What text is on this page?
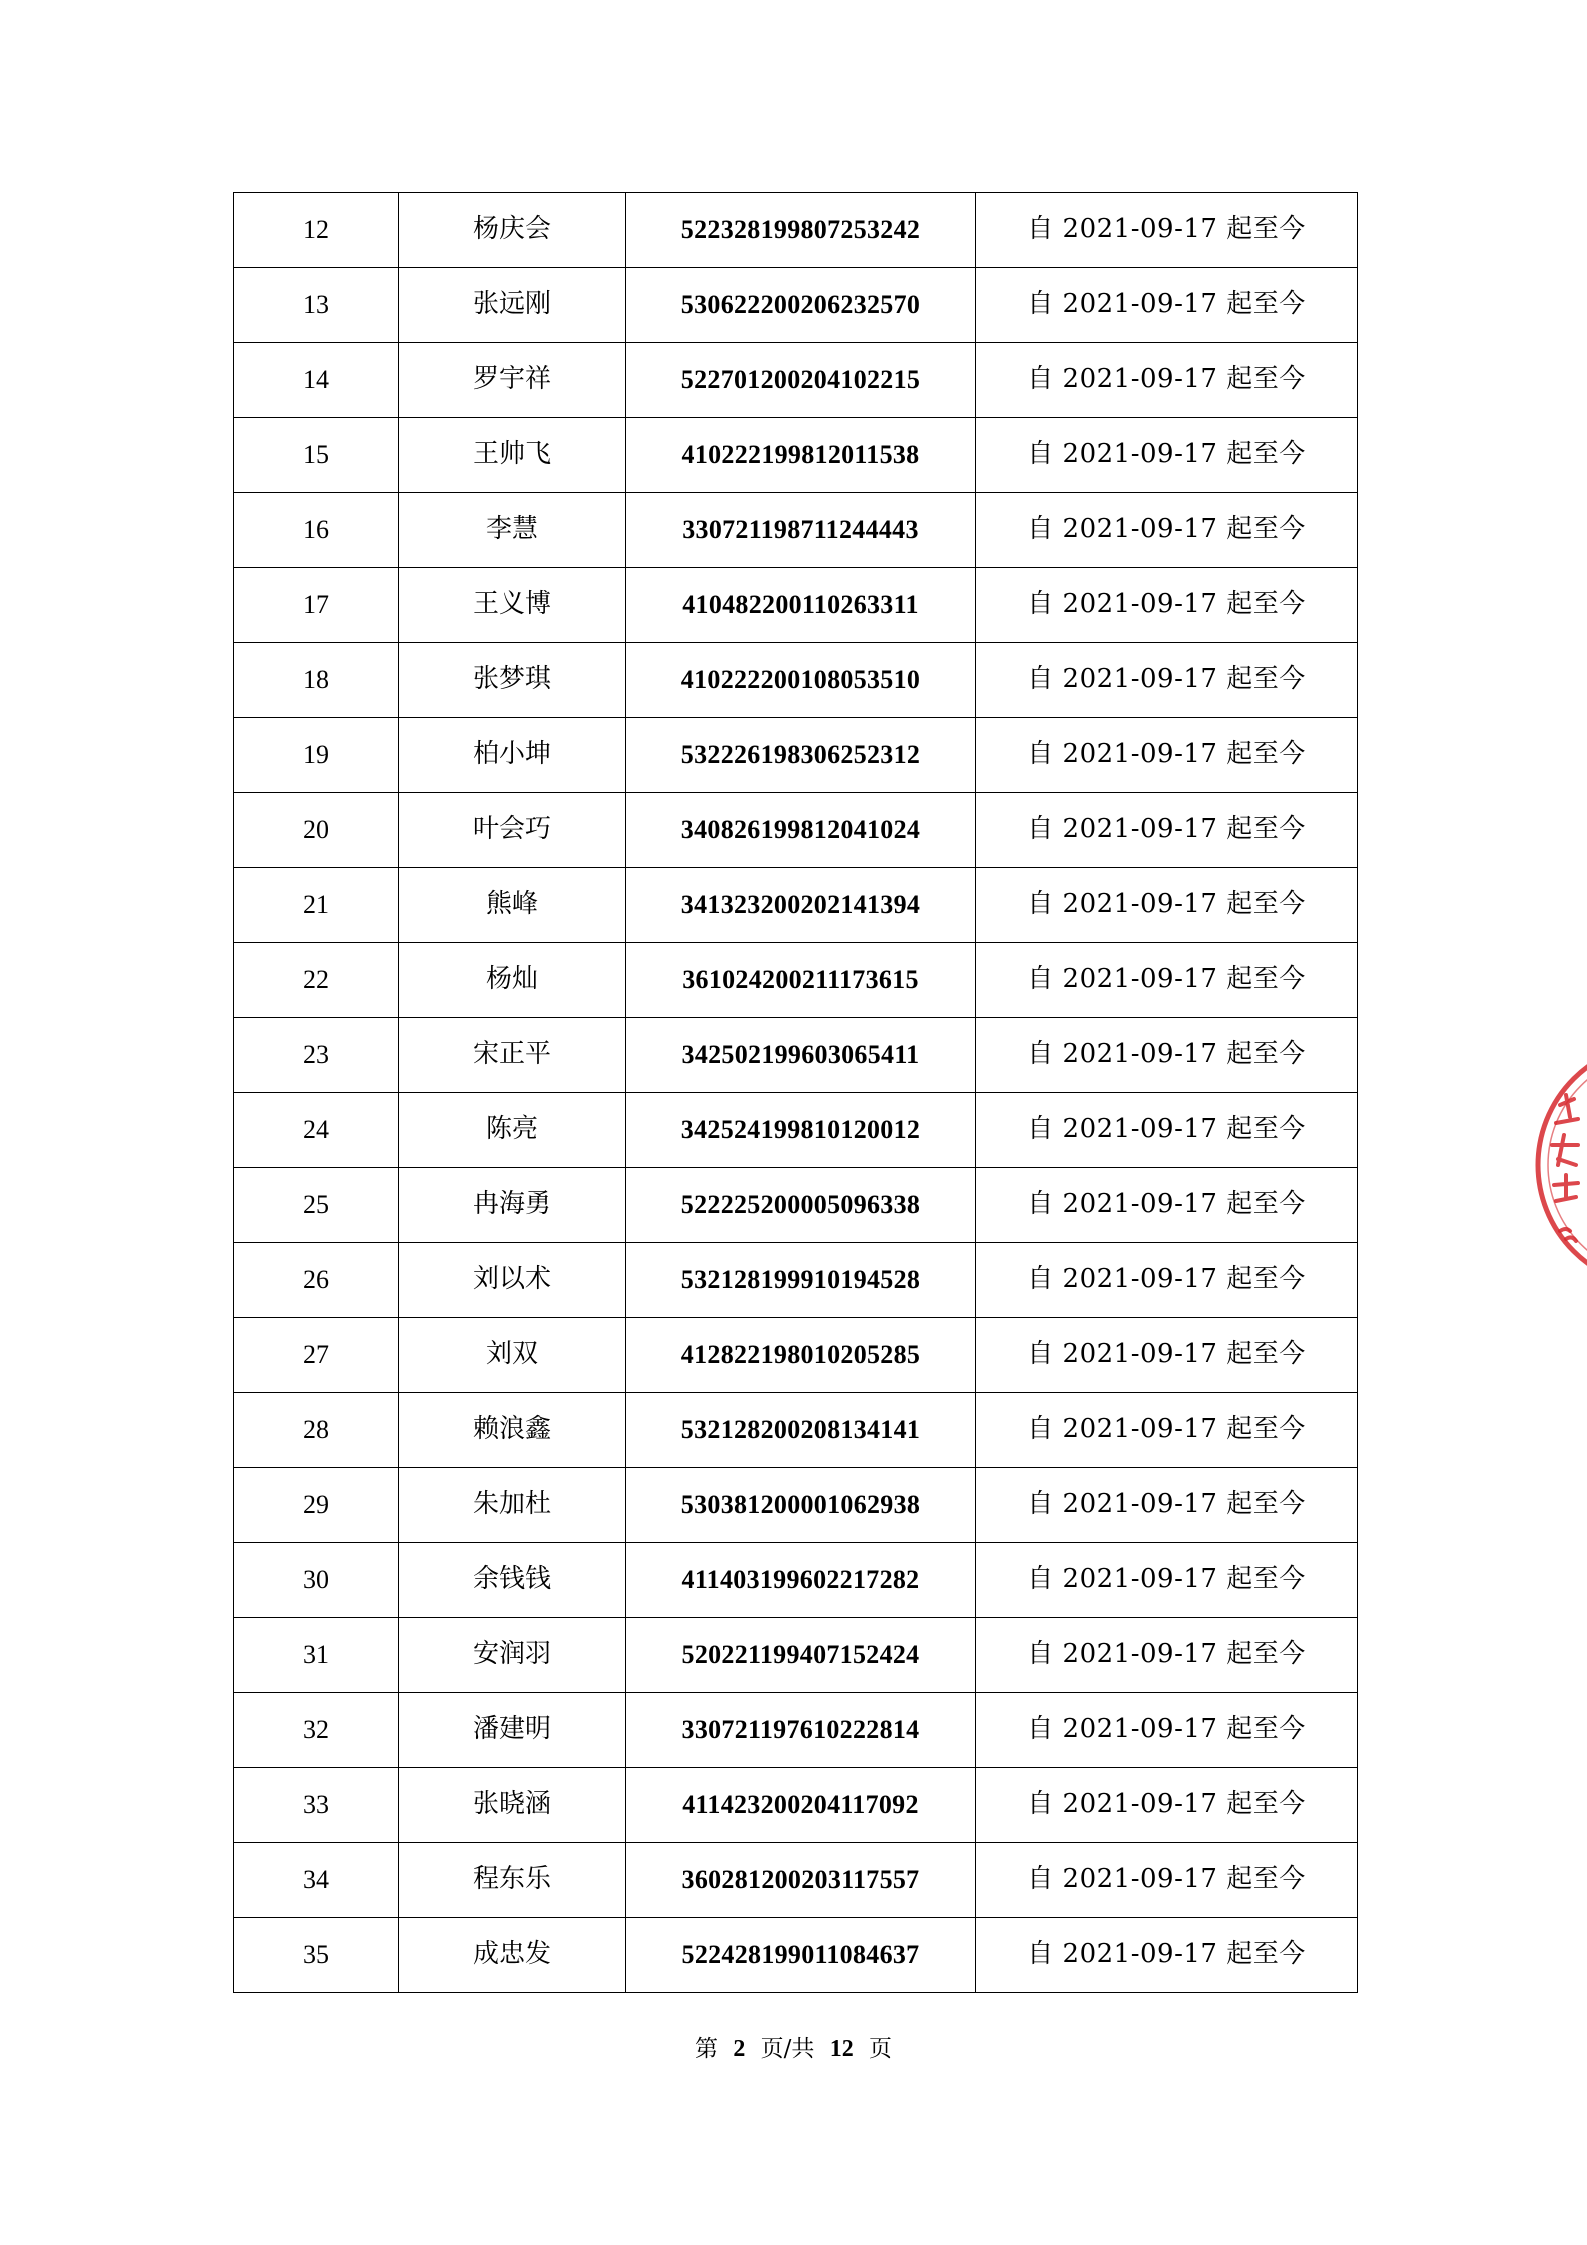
12	杨庆会	522328199807253242	自 2021-09-17 起至今
13	张远刚	530622200206232570	自 2021-09-17 起至今
14	罗宇祥	522701200204102215	自 2021-09-17 起至今
15	王帅飞	410222199812011538	自 2021-09-17 起至今
16	李慧	330721198711244443	自 2021-09-17 起至今
17	王义博	410482200110263311	自 2021-09-17 起至今
18	张梦琪	410222200108053510	自 2021-09-17 起至今
19	柏小坤	532226198306252312	自 2021-09-17 起至今
20	叶会巧	340826199812041024	自 2021-09-17 起至今
21	熊峰	341323200202141394	自 2021-09-17 起至今
22	杨灿	361024200211173615	自 2021-09-17 起至今
23	宋正平	342502199603065411	自 2021-09-17 起至今
24	陈亮	342524199810120012	自 2021-09-17 起至今
25	冉海勇	522225200005096338	自 2021-09-17 起至今
26	刘以术	532128199910194528	自 2021-09-17 起至今
27	刘双	412822198010205285	自 2021-09-17 起至今
28	赖浪鑫	532128200208134141	自 2021-09-17 起至今
29	朱加杜	530381200001062938	自 2021-09-17 起至今
30	余钱钱	411403199602217282	自 2021-09-17 起至今
31	安润羽	520221199407152424	自 2021-09-17 起至今
32	潘建明	330721197610222814	自 2021-09-17 起至今
33	张晓涵	411423200204117092	自 2021-09-17 起至今
34	程东乐	360281200203117557	自 2021-09-17 起至今
35	成忠发	522428199011084637	自 2021-09-17 起至今
第 2 页/共 12 页
